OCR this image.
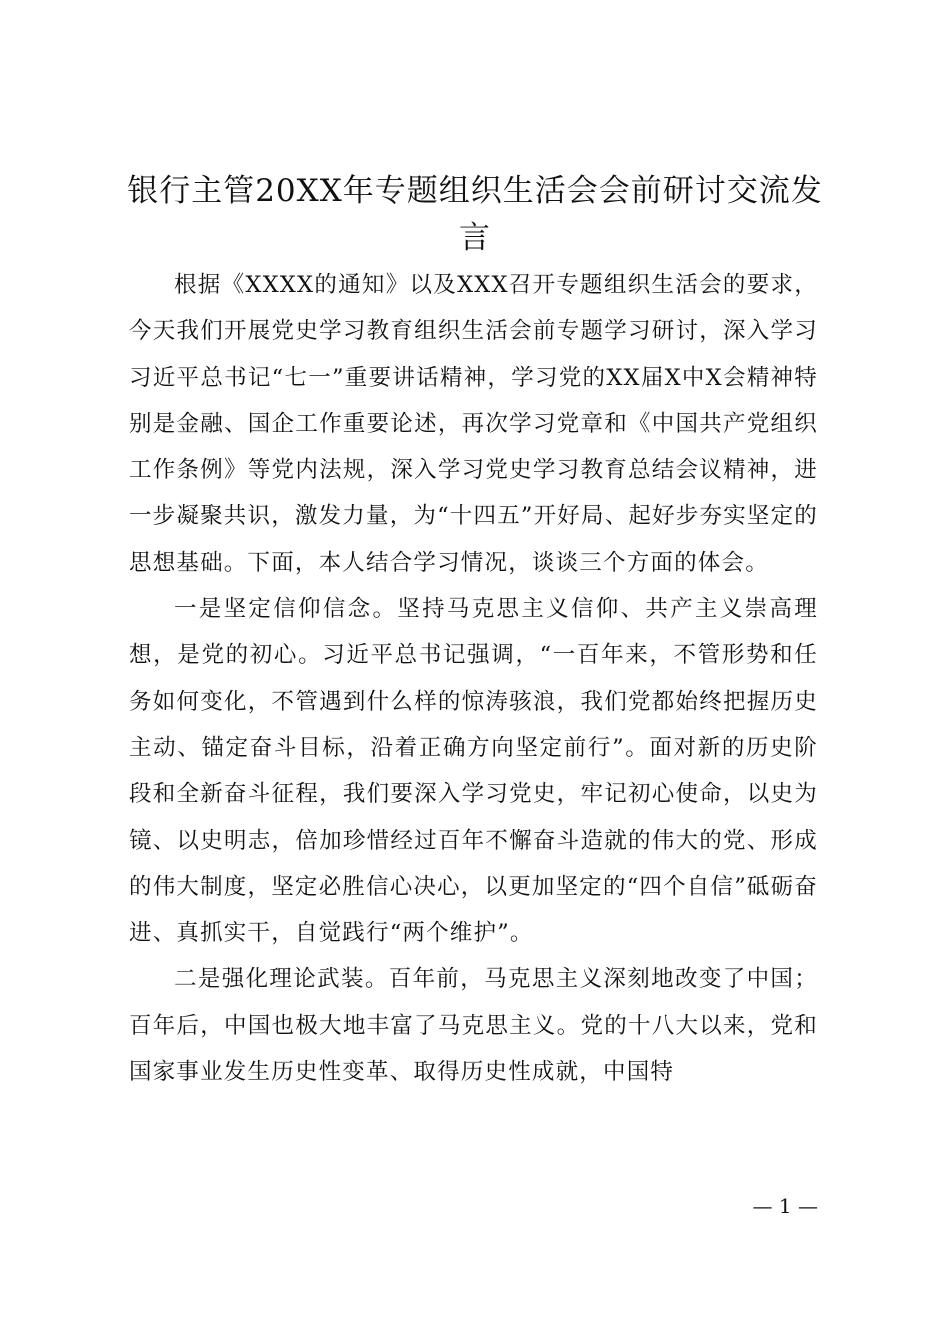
银行主管20XX年专题组织生活会会前研讨交流发言

根据《XXXX的通知》以及XXX召开专题组织生活会的要求，今天我们开展党史学习教育组织生活会前专题学习研讨，深入学习习近平总书记“七一”重要讲话精神，学习党的XX届X中X会精神特别是金融、国企工作重要论述，再次学习党章和《中国共产党组织工作条例》等党内法规，深入学习党史学习教育总结会议精神，进一步凝聚共识，激发力量，为“十四五”开好局、起好步夯实坚定的思想基础。下面，本人结合学习情况，谈谈三个方面的体会。

一是坚定信仰信念。坚持马克思主义信仰、共产主义崇高理想，是党的初心。习近平总书记强调，“一百年来，不管形势和任务如何变化，不管遇到什么样的惊涛骇浪，我们党都始终把握历史主动、锚定奋斗目标，沿着正确方向坚定前行”。面对新的历史阶段和全新奋斗征程，我们要深入学习党史，牢记初心使命，以史为镜、以史明志，倍加珍惜经过百年不懈奋斗造就的伟大的党、形成的伟大制度，坚定必胜信心决心，以更加坚定的“四个自信”砥砺奋进、真抓实干，自觉践行“两个维护”。

二是强化理论武装。百年前，马克思主义深刻地改变了中国；百年后，中国也极大地丰富了马克思主义。党的十八大以来，党和国家事业发生历史性变革、取得历史性成就，中国特

— 1 —
